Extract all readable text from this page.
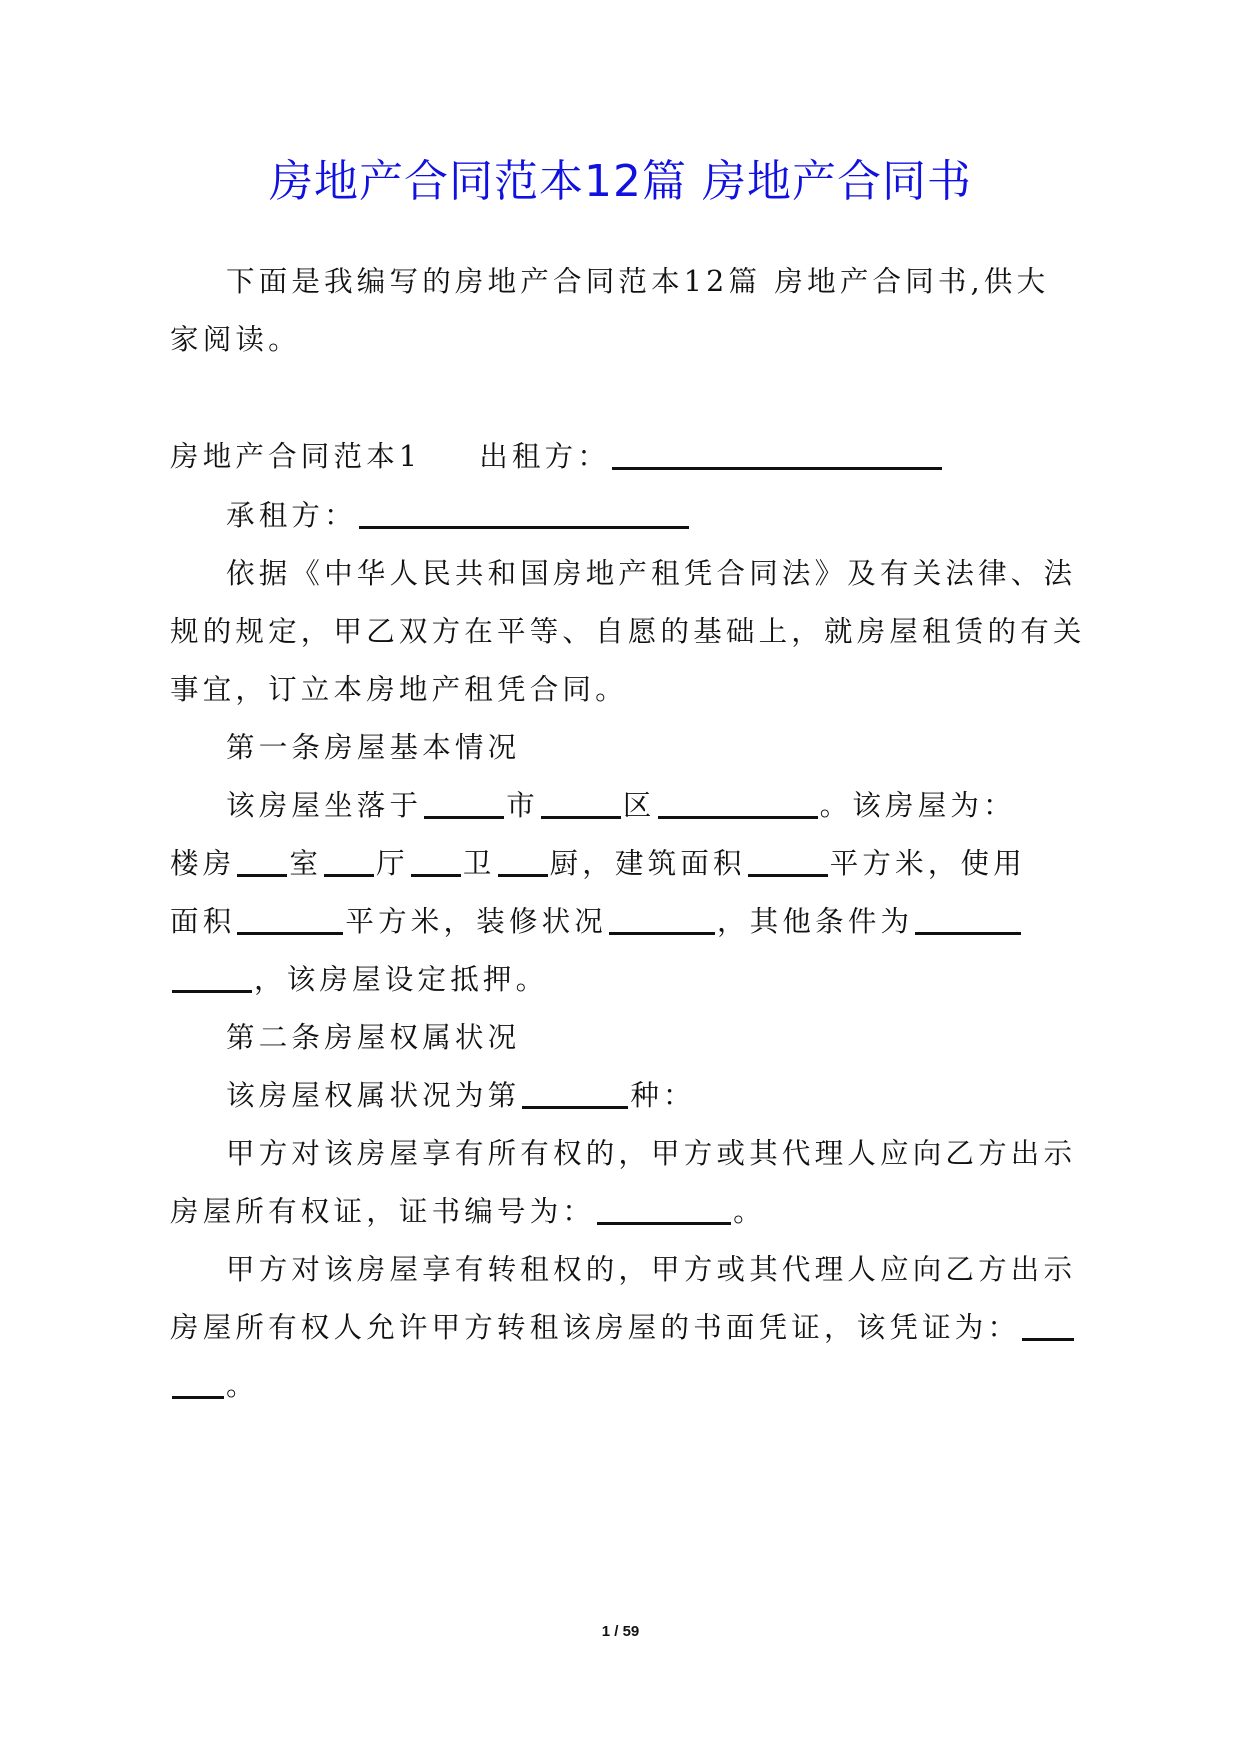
房地产合同范本12篇 房地产合同书
下面是我编写的房地产合同范本12篇 房地产合同书,供大
家阅读。
房地产合同范本1 出租方：
承租方：
依据《中华人民共和国房地产租凭合同法》及有关法律、法
规的规定，甲乙双方在平等、自愿的基础上，就房屋租赁的有关
事宜，订立本房地产租凭合同。
第一条房屋基本情况
该房屋坐落于	市	区	。该房屋为：
楼房 室 厅 卫 厨，建筑面积	平方米，使用
面积	平方米，装修状况	，其他条件为
，该房屋设定抵押。
第二条房屋权属状况
该房屋权属状况为第	种：
甲方对该房屋享有所有权的，甲方或其代理人应向乙方出示
房屋所有权证，证书编号为：	。
甲方对该房屋享有转租权的，甲方或其代理人应向乙方出示
房屋所有权人允许甲方转租该房屋的书面凭证，该凭证为：
。
1 / 59
